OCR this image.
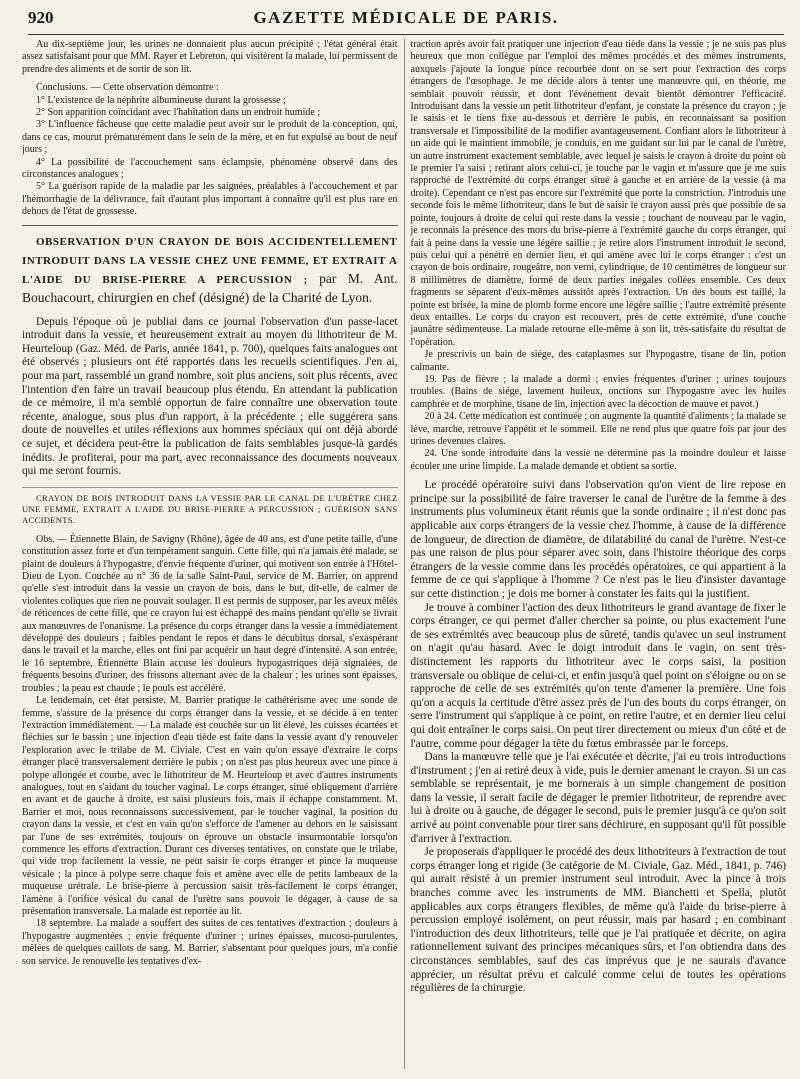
920	GAZETTE MÉDICALE DE PARIS.

Au dix-septième jour, les urines ne donnaient plus aucun précipité ; l'état général était assez satisfaisant pour que MM. Rayer et Lebreton, qui visitèrent la malade, lui permissent de prendre des aliments et de sortir de son lit.

Conclusions. — Cette observation démontre :

1° L'existence de la néphrite albumineuse durant la grossesse ;

2° Son apparition coïncidant avec l'habitation dans un endroit humide ;

3° L'influence fâcheuse que cette maladie peut avoir sur le produit de la conception, qui, dans ce cas, mourut prématurément dans le sein de la mère, et en fut expulsé au bout de neuf jours ;

4° La possibilité de l'accouchement sans éclampsie, phénomène observé dans des circonstances analogues ;

5° La guérison rapide de la maladie par les saignées, préalables à l'accouchement et par l'hémorrhagie de la délivrance, fait d'autant plus important à connaître qu'il est plus rare en dehors de l'état de grossesse.

OBSERVATION D'UN CRAYON DE BOIS ACCIDENTELLEMENT INTRODUIT DANS LA VESSIE CHEZ UNE FEMME, ET EXTRAIT A L'AIDE DU BRISE-PIERRE A PERCUSSION ; par M. Ant. Bouchacourt, chirurgien en chef (désigné) de la Charité de Lyon.

Depuis l'époque où je publiai dans ce journal l'observation d'un passe-lacet introduit dans la vessie, et heureusement extrait au moyen du lithotriteur de M. Heurteloup (Gaz. Méd. de Paris, année 1841, p. 700), quelques faits analogues ont été observés ; plusieurs ont été rapportés dans les recueils scientifiques. J'en ai, pour ma part, rassemblé un grand nombre, soit plus anciens, soit plus récents, avec l'intention d'en faire un travail beaucoup plus étendu. En attendant la publication de ce mémoire, il m'a semblé opportun de faire connaître une observation toute récente, analogue, sous plus d'un rapport, à la précédente ; elle suggérera sans doute de nouvelles et utiles réflexions aux hommes spéciaux qui ont déjà abordé ce sujet, et décidera peut-être la publication de faits semblables jusque-là gardés inédits. Je profiterai, pour ma part, avec reconnaissance des documents nouveaux qui me seront fournis.

CRAYON DE BOIS INTRODUIT DANS LA VESSIE PAR LE CANAL DE L'URÈTRE CHEZ UNE FEMME, EXTRAIT A L'AIDE DU BRISE-PIERRE A PERCUSSION ; GUÉRISON SANS ACCIDENTS.

Obs. — Étiennette Blain, de Savigny (Rhône), âgée de 40 ans, est d'une petite taille, d'une constitution assez forte et d'un tempérament sanguin. Cette fille, qui n'a jamais été malade, se plaint de douleurs à l'hypogastre, d'envie fréquente d'uriner, qui motivent son entrée à l'Hôtel-Dieu de Lyon. Couchée au n° 36 de la salle Saint-Paul, service de M. Barrier, on apprend qu'elle s'est introduit dans la vessie un crayon de bois, dans le but, dit-elle, de calmer de violentes coliques que rien ne pouvait soulager. Il est permis de supposer, par les aveux mêlés de réticences de cette fille, que ce crayon lui est échappé des mains pendant qu'elle se livrait aux manœuvres de l'onanisme. La présence du corps étranger dans la vessie a immédiatement développé des douleurs ; faibles pendant le repos et dans le décubitus dorsal, s'exaspérant dans le travail et la marche, elles ont fini par acquérir un haut degré d'intensité. A son entrée, le 16 septembre, Étiennette Blain accuse les douleurs hypogastriques déjà signalées, de fréquents besoins d'uriner, des frissons alternant avec de la chaleur ; les urines sont épaisses, troubles ; la peau est chaude ; le pouls est accéléré.

Le lendemain, cet état persiste. M. Barrier pratique le cathétérisme avec une sonde de femme, s'assure de la présence du corps étranger dans la vessie, et se décide à en tenter l'extraction immédiatement. — La malade est couchée sur un lit élevé, les cuisses écartées et fléchies sur le bassin ; une injection d'eau tiède est faite dans la vessie avant d'y renouveler l'exploration avec le trilabe de M. Civiale. C'est en vain qu'on essaye d'extraire le corps étranger placé transversalement derrière le pubis ; on n'est pas plus heureux avec une pince à polype allongée et courbe, avec le lithotriteur de M. Heurteloup et avec d'autres instruments analogues, tout en s'aidant du toucher vaginal. Le corps étranger, situé obliquement d'arrière en avant et de gauche à droite, est saisi plusieurs fois, mais il échappe constamment. M. Barrier et moi, nous reconnaissons successivement, par le toucher vaginal, la position du crayon dans la vessie, et c'est en vain qu'on s'efforce de l'amener au dehors en le saisissant par l'une de ses extrémités, toujours on éprouve un obstacle insurmontable lorsqu'on commence les efforts d'extraction. Durant ces diverses tentatives, on constate que le trilabe, qui vide trop facilement la vessie, ne peut saisir le corps étranger et pince la muqueuse vésicale ; la pince à polype serre chaque fois et amène avec elle de petits lambeaux de la muqueuse urétrale. Le brise-pierre à percussion saisit très-facilement le corps étranger, l'amène à l'orifice vésical du canal de l'urètre sans pouvoir le dégager, à cause de sa présentation transversale. La malade est reportée au lit.

18 septembre. La malade a souffert des suites de ces tentatives d'extraction ; douleurs à l'hypogastre augmentées ; envie fréquente d'uriner ; urines épaisses, mucoso-purulentes, mêlées de quelques caillots de sang. M. Barrier, s'absentant pour quelques jours, m'a confié son service. Je renouvelle les tentatives d'ex-

traction après avoir fait pratiquer une injection d'eau tiède dans la vessie ; je ne suis pas plus heureux que mon collègue par l'emploi des mêmes procédés et des mêmes instruments, auxquels j'ajoute la longue pince recourbée dont on se sert pour l'extraction des corps étrangers de l'œsophage. Je me décide alors à tenter une manœuvre qui, en théorie, me semblait pouvoir réussir, et dont l'événement devait bientôt démontrer l'efficacité. Introduisant dans la vessie un petit lithotriteur d'enfant, je constate la présence du crayon ; je le saisis et le tiens fixe au-dessous et derrière le pubis, en reconnaissant sa position transversale et l'impossibilité de la modifier avantageusement. Confiant alors le lithotriteur à un aide qui le maintient immobile, je conduis, en me guidant sur lui par le canal de l'urètre, un autre instrument exactement semblable, avec lequel je saisis le crayon à droite du point où le premier l'a saisi ; retirant alors celui-ci, je touche par le vagin et m'assure que je me suis rapproché de l'extrémité du corps étranger situé à gauche et en arrière de la vessie (à ma droite). Cependant ce n'est pas encore sur l'extrémité que porte la constriction. J'introduis une seconde fois le même lithotriteur, dans le but de saisir le crayon aussi près que possible de sa pointe, toujours à droite de celui qui reste dans la vessie ; touchant de nouveau par le vagin, je reconnais la présence des mors du brise-pierre à l'extrémité gauche du corps étranger, qui fait à peine dans la vessie une légère saillie ; je retire alors l'instrument introduit le second, puis celui qui a pénétré en dernier lieu, et qui amène avec lui le corps étranger : c'est un crayon de bois ordinaire, rougeâtre, non verni, cylindrique, de 10 centimètres de longueur sur 8 millimètres de diamètre, formé de deux parties inégales collées ensemble. Ces deux fragments se séparent d'eux-mêmes aussitôt après l'extraction. Un des bouts est taillé, la pointe est brisée, la mine de plomb forme encore une légère saillie ; l'autre extrémité présente deux entailles. Le corps du crayon est recouvert, près de cette extrémité, d'une couche jaunâtre sédimenteuse. La malade retourne elle-même à son lit, très-satisfaite du résultat de l'opération.

Je prescrivis un bain de siége, des cataplasmes sur l'hypogastre, tisane de lin, potion calmante.

19. Pas de fièvre ; la malade a dormi ; envies fréquentes d'uriner ; urines toujours troubles. (Bains de siége, lavement huileux, onctions sur l'hypogastre avec les huiles camphrée et de morphine, tisane de lin, injection avec la décoction de mauve et pavot.)

20 à 24. Cette médication est continuée ; on augmente la quantité d'aliments ; la malade se lève, marche, retrouve l'appétit et le sommeil. Elle ne rend plus que quatre fois par jour des urines devenues claires.

24. Une sonde introduite dans la vessie ne détermine pas la moindre douleur et laisse écouler une urine limpide. La malade demande et obtient sa sortie.

Le procédé opératoire suivi dans l'observation qu'on vient de lire repose en principe sur la possibilité de faire traverser le canal de l'urètre de la femme à des instruments plus volumineux étant réunis que la sonde ordinaire ; il n'est donc pas applicable aux corps étrangers de la vessie chez l'homme, à cause de la différence de longueur, de direction de diamètre, de dilatabilité du canal de l'urètre. N'est-ce pas une raison de plus pour séparer avec soin, dans l'histoire théorique des corps étrangers de la vessie comme dans les procédés opératoires, ce qui appartient à la femme de ce qui s'applique à l'homme ? Ce n'est pas le lieu d'insister davantage sur cette distinction ; je dois me borner à constater les faits qui la justifient.

Je trouve à combiner l'action des deux lithotriteurs le grand avantage de fixer le corps étranger, ce qui permet d'aller chercher sa pointe, ou plus exactement l'une de ses extrémités avec beaucoup plus de sûreté, tandis qu'avec un seul instrument on n'agit qu'au hasard. Avec le doigt introduit dans le vagin, on sent très-distinctement les rapports du lithotriteur avec le corps saisi, la position transversale ou oblique de celui-ci, et enfin jusqu'à quel point on s'éloigne ou on se rapproche de celle de ses extrémités qu'on tente d'amener la première. Une fois qu'on a acquis la certitude d'être assez près de l'un des bouts du corps étranger, on serre l'instrument qui s'applique à ce point, on retire l'autre, et en dernier lieu celui qui doit entraîner le corps saisi. On peut tirer directement ou mieux d'un côté et de l'autre, comme pour dégager la tête du fœtus embrassée par le forceps.

Dans la manœuvre telle que je l'ai exécutée et décrite, j'ai eu trois introductions d'instrument ; j'en ai retiré deux à vide, puis le dernier amenant le crayon. Si un cas semblable se représentait, je me bornerais à un simple changement de position dans la vessie, il serait facile de dégager le premier lithotriteur, de reprendre avec lui à droite ou à gauche, de dégager le second, puis le premier jusqu'à ce qu'on soit arrivé au point convenable pour tirer sans déchirure, en supposant qu'il fût possible d'arriver à l'extraction.

Je proposerais d'appliquer le procédé des deux lithotriteurs à l'extraction de tout corps étranger long et rigide (3e catégorie de M. Civiale, Gaz. Méd., 1841, p. 746) qui aurait résisté à un premier instrument seul introduit. Avec la pince à trois branches comme avec les instruments de MM. Bianchetti et Spella, plutôt applicables aux corps étrangers flexibles, de même qu'à l'aide du brise-pierre à percussion employé isolément, on peut réussir, mais par hasard ; en combinant l'introduction des deux lithotriteurs, telle que je l'ai pratiquée et décrite, on agira rationnellement suivant des principes mécaniques sûrs, et l'on obtiendra dans des circonstances semblables, sauf des cas imprévus que je ne saurais d'avance apprécier, un résultat prévu et calculé comme celui de toutes les opérations régulières de la chirurgie.
